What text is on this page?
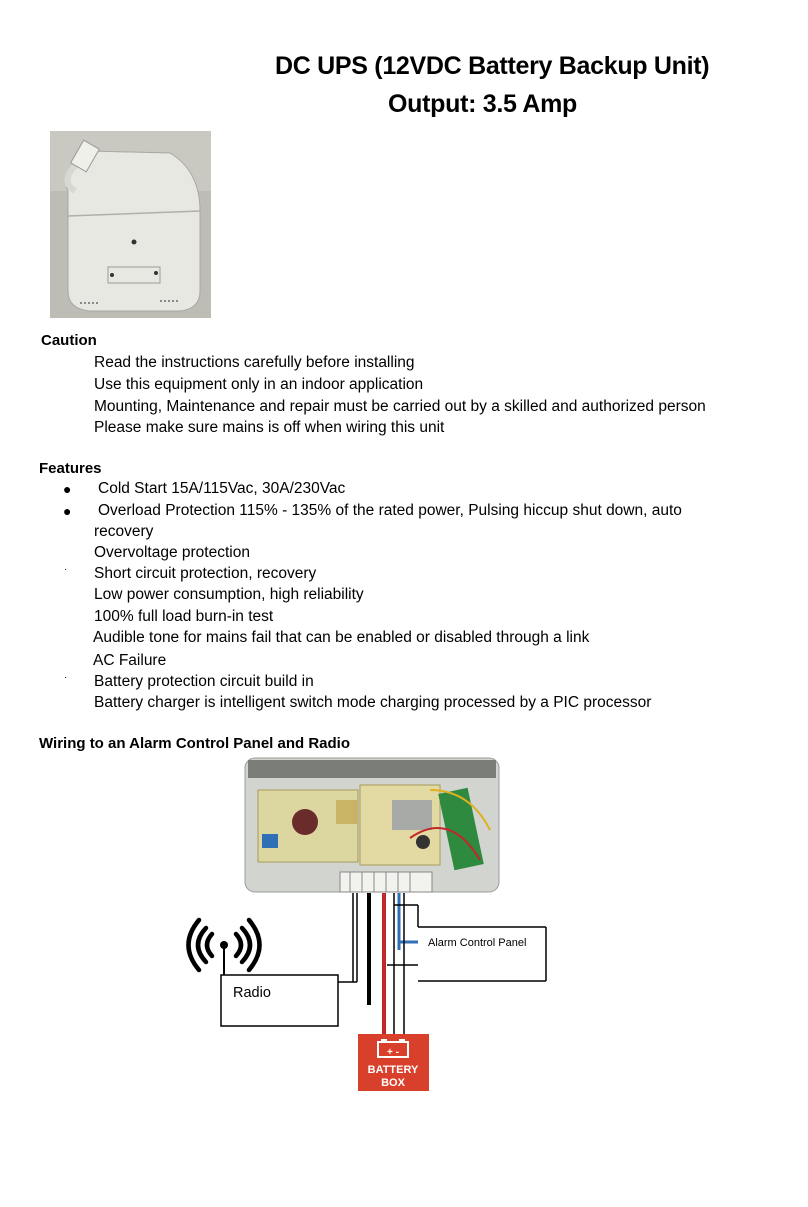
DC UPS (12VDC Battery Backup Unit)
Output: 3.5 Amp
Caution
Read the instructions carefully before installing
Use this equipment only in an indoor application
Mounting, Maintenance and repair must be carried out by a skilled and authorized person
Please make sure mains is off when wiring this unit
Features
● Cold Start 15A/115Vac, 30A/230Vac
● Overload Protection 115% - 135% of the rated power, Pulsing hiccup shut down, auto
recovery
Overvoltage protection
· Short circuit protection, recovery
Low power consumption, high reliability
100% full load burn-in test
Audible tone for mains fail that can be enabled or disabled through a link
AC Failure
· Battery protection circuit build in
Battery charger is intelligent switch mode charging processed by a PIC processor
Wiring to an Alarm Control Panel and Radio
Alarm Control Panel
Radio
+ -
BATTERY
BOX
